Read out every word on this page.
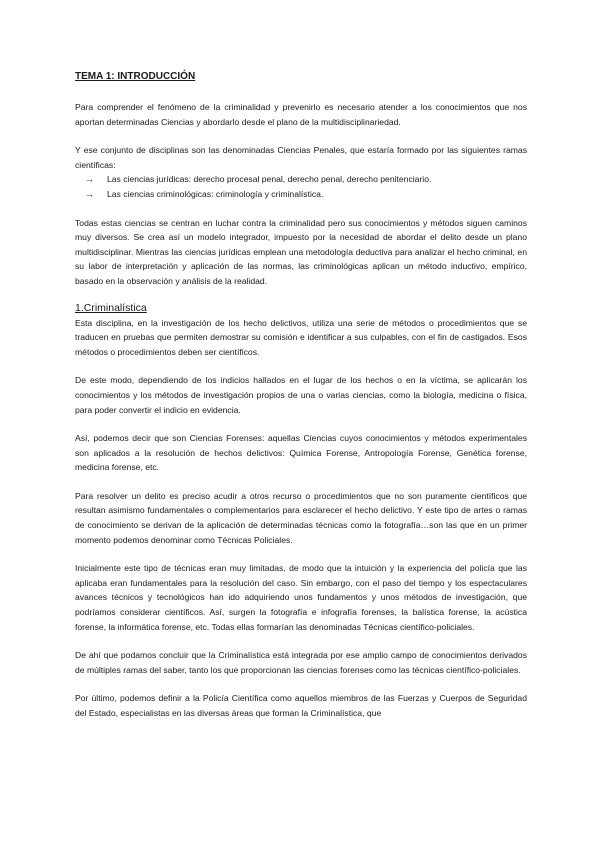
TEMA 1: INTRODUCCIÓN

Para comprender el fenómeno de la criminalidad y prevenirlo es necesario atender a los conocimientos que nos aportan determinadas Ciencias y abordarlo desde el plano de la multidisciplinariedad.

Y ese conjunto de disciplinas son las denominadas Ciencias Penales, que estaría formado por las siguientes ramas científicas:

→ Las ciencias jurídicas: derecho procesal penal, derecho penal, derecho penitenciario.
→ Las ciencias criminológicas: criminología y criminalística.

Todas estas ciencias se centran en luchar contra la criminalidad pero sus conocimientos y métodos siguen caminos muy diversos. Se crea así un modelo integrador, impuesto por la necesidad de abordar el delito desde un plano multidisciplinar. Mientras las ciencias jurídicas emplean una metodología deductiva para analizar el hecho criminal, en su labor de interpretación y aplicación de las normas, las criminológicas aplican un método inductivo, empírico, basado en la observación y análisis de la realidad.

1.Criminalística

Esta disciplina, en la investigación de los hecho delictivos, utiliza una serie de métodos o procedimientos que se traducen en pruebas que permiten demostrar su comisión e identificar a sus culpables, con el fin de castigados. Esos métodos o procedimientos deben ser científicos.

De este modo, dependiendo de los indicios hallados en el lugar de los hechos o en la víctima, se aplicarán los conocimientos y los métodos de investigación propios de una o varias ciencias, como la biología, medicina o física, para poder convertir el indicio en evidencia.

Así, podemos decir que son Ciencias Forenses: aquellas Ciencias cuyos conocimientos y métodos experimentales son aplicados a la resolución de hechos delictivos: Química Forense, Antropología Forense, Genética forense, medicina forense, etc.

Para resolver un delito es preciso acudir a otros recurso o procedimientos que no son puramente científicos que resultan asimismo fundamentales o complementarios para esclarecer el hecho delictivo. Y este tipo de artes o ramas de conocimiento se derivan de la aplicación de determinadas técnicas como la fotografía…son las que en un primer momento podemos denominar como Técnicas Policiales.

Inicialmente este tipo de técnicas eran muy limitadas, de modo que la intuición y la experiencia del policía que las aplicaba eran fundamentales para la resolución del caso. Sin embargo, con el paso del tiempo y los espectaculares avances técnicos y tecnológicos han ido adquiriendo unos fundamentos y unos métodos de investigación, que podríamos considerar científicos. Así, surgen la fotografía e infografía forenses, la balística forense, la acústica forense, la informática forense, etc. Todas ellas formarían las denominadas Técnicas científico-policiales.

De ahí que podamos concluir que la Criminalística está integrada por ese amplio campo de conocimientos derivados de múltiples ramas del saber, tanto los que proporcionan las ciencias forenses como las técnicas científico-policiales.

Por último, podemos definir a la Policía Científica como aquellos miembros de las Fuerzas y Cuerpos de Seguridad del Estado, especialistas en las diversas áreas que forman la Criminalística, que
